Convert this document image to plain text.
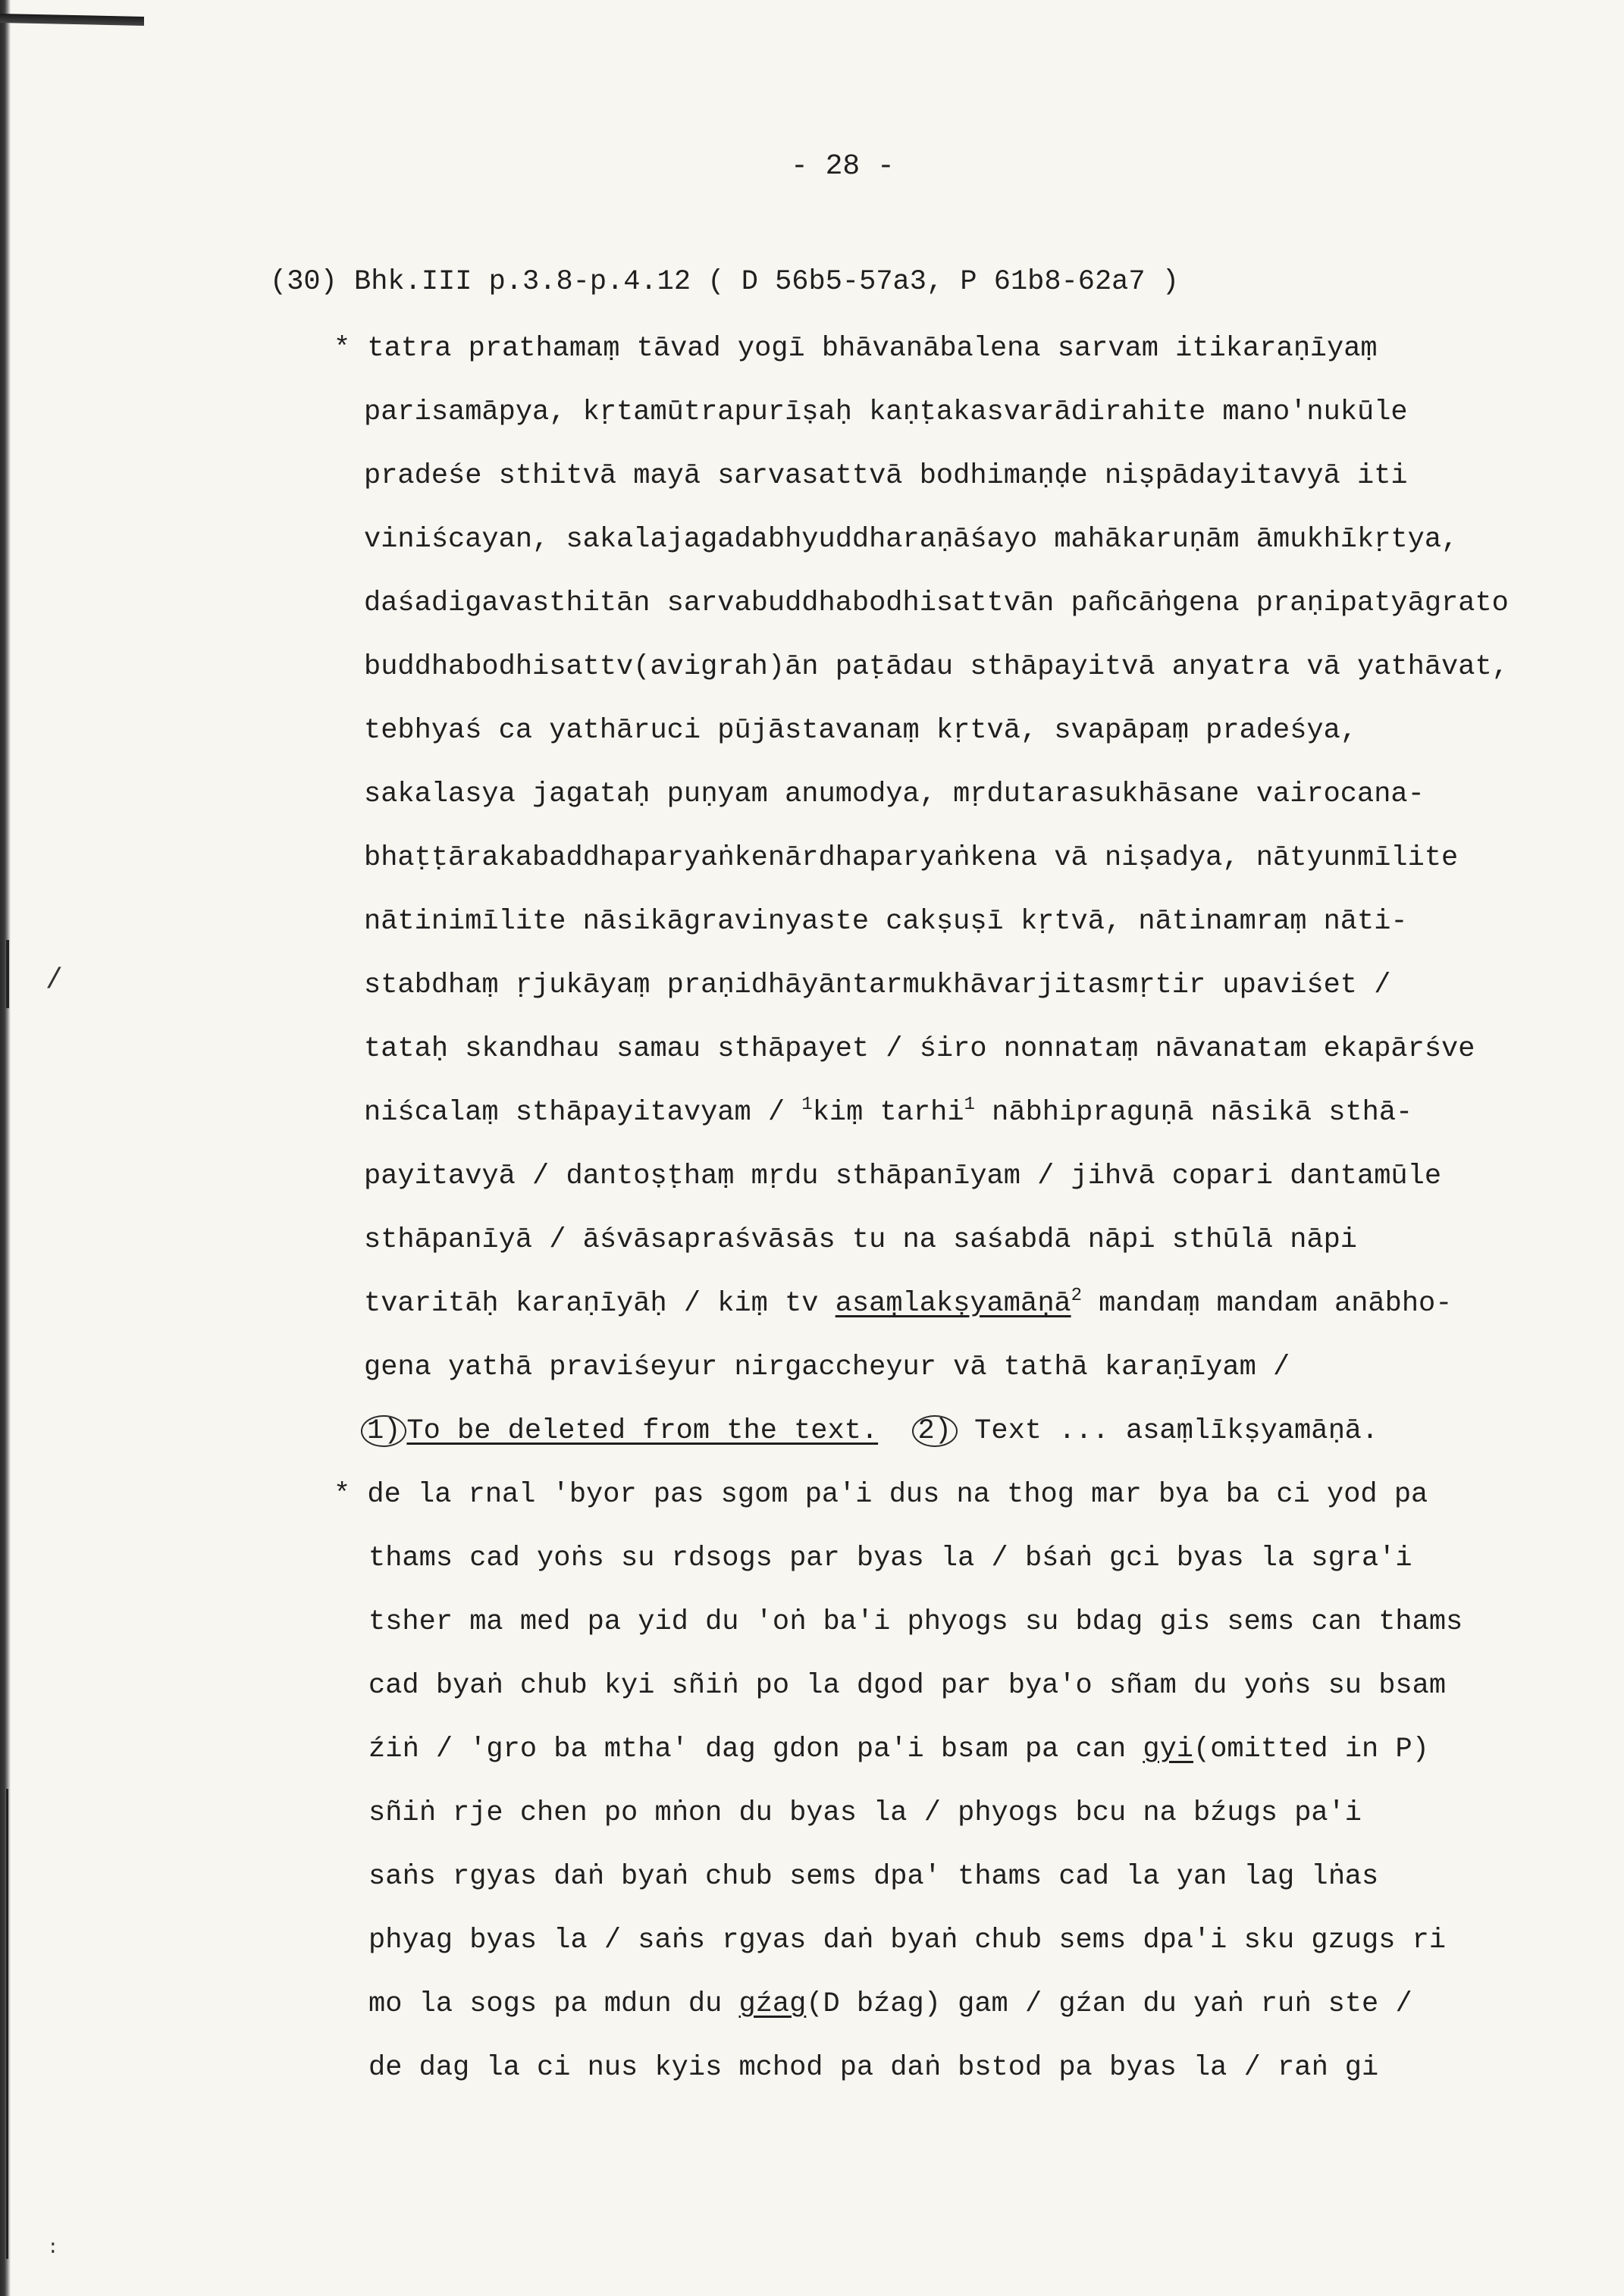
/
:
- 28 -
(30) Bhk.III p.3.8-p.4.12 ( D 56b5-57a3, P 61b8-62a7 )
* tatra prathamaṃ tāvad yogī bhāvanābalena sarvam itikaraṇīyaṃ
parisamāpya, kṛtamūtrapurīṣaḥ kaṇṭakasvarādirahite mano'nukūle
pradeśe sthitvā mayā sarvasattvā bodhimaṇḍe niṣpādayitavyā iti
viniścayan, sakalajagadabhyuddharaṇāśayo mahākaruṇām āmukhīkṛtya,
daśadigavasthitān sarvabuddhabodhisattvān pañcāṅgena praṇipatyāgrato
buddhabodhisattv(avigrah)ān paṭādau sthāpayitvā anyatra vā yathāvat,
tebhyaś ca yathāruci pūjāstavanaṃ kṛtvā, svapāpaṃ pradeśya,
sakalasya jagataḥ puṇyam anumodya, mṛdutarasukhāsane vairocana-
bhaṭṭārakabaddhaparyaṅkenārdhaparyaṅkena vā niṣadya, nātyunmīlite
nātinimīlite nāsikāgravinyaste cakṣuṣī kṛtvā, nātinamraṃ nāti-
stabdhaṃ ṛjukāyaṃ praṇidhāyāntarmukhāvarjitasmṛtir upaviśet /
tataḥ skandhau samau sthāpayet / śiro nonnataṃ nāvanatam ekapārśve
niścalaṃ sthāpayitavyam / $^1$kiṃ tarhi$^1$ nābhipraguṇā nāsikā sthā-
payitavyā / dantoṣṭhaṃ mṛdu sthāpanīyam / jihvā copari dantamūle
sthāpanīyā / āśvāsapraśvāsās tu na saśabdā nāpi sthūlā nāpi
tvaritāḥ karaṇīyāḥ / kiṃ tv asaṃlakṣyamāṇā$^2$ mandaṃ mandam anābho-
gena yathā praviśeyur nirgaccheyur vā tathā karaṇīyam /
1) To be deleted from the text. 2) Text ... asaṃlīkṣyamāṇā.
* de la rnal 'byor pas sgom pa'i dus na thog mar bya ba ci yod pa
thams cad yoṅs su rdsogs par byas la / bśaṅ gci byas la sgra'i
tsher ma med pa yid du 'oṅ ba'i phyogs su bdag gis sems can thams
cad byaṅ chub kyi sñiṅ po la dgod par bya'o sñam du yoṅs su bsam
źiṅ / 'gro ba mtha' dag gdon pa'i bsam pa can gyi(omitted in P)
sñiṅ rje chen po mṅon du byas la / phyogs bcu na bźugs pa'i
saṅs rgyas daṅ byaṅ chub sems dpa' thams cad la yan lag lṅas
phyag byas la / saṅs rgyas daṅ byaṅ chub sems dpa'i sku gzugs ri
mo la sogs pa mdun du gźag(D bźag) gam / gźan du yaṅ ruṅ ste /
de dag la ci nus kyis mchod pa daṅ bstod pa byas la / raṅ gi
